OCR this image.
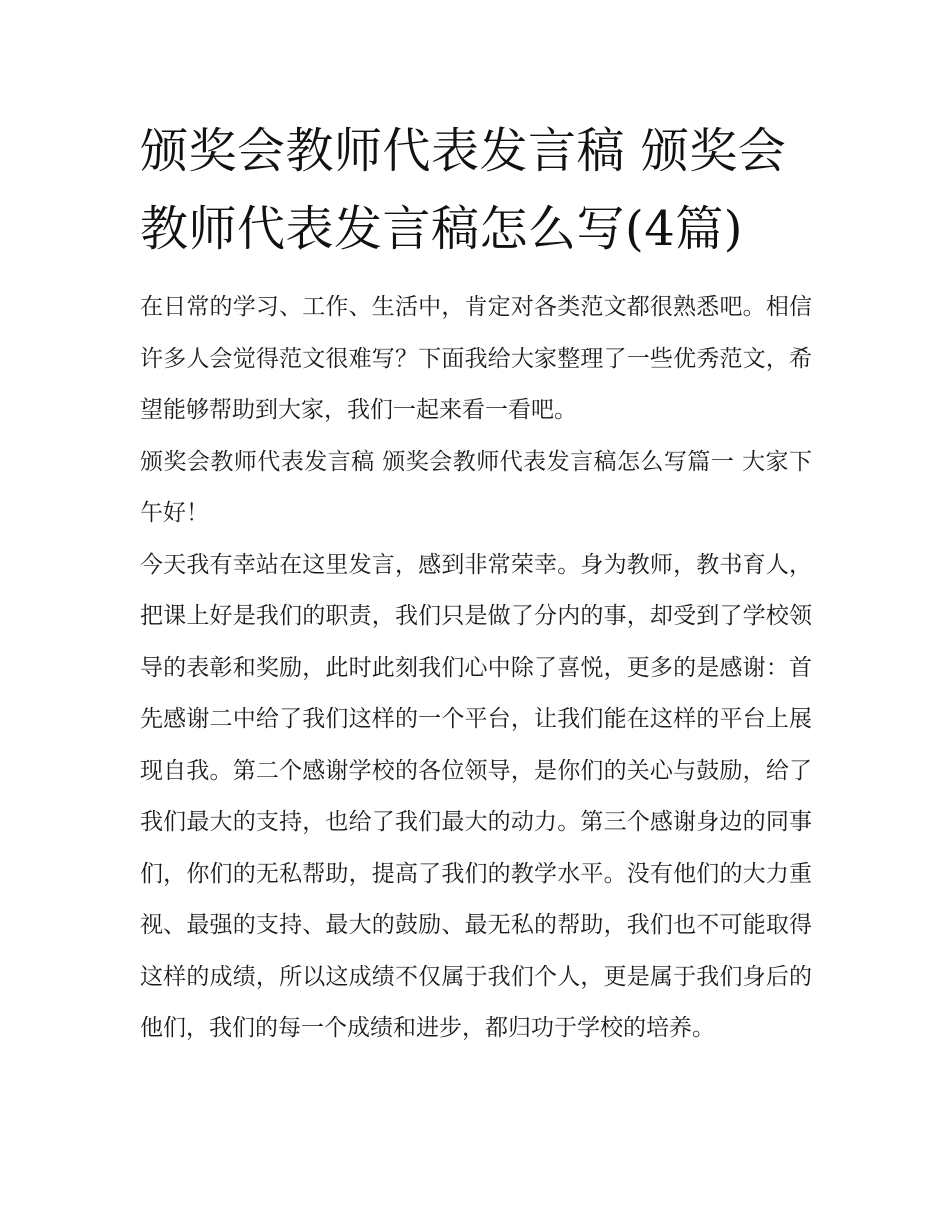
颁奖会教师代表发言稿 颁奖会教师代表发言稿怎么写(4篇)

在日常的学习、工作、生活中，肯定对各类范文都很熟悉吧。相信许多人会觉得范文很难写？下面我给大家整理了一些优秀范文，希望能够帮助到大家，我们一起来看一看吧。

颁奖会教师代表发言稿 颁奖会教师代表发言稿怎么写篇一 大家下午好！

今天我有幸站在这里发言，感到非常荣幸。身为教师，教书育人，把课上好是我们的职责，我们只是做了分内的事，却受到了学校领导的表彰和奖励，此时此刻我们心中除了喜悦，更多的是感谢：首先感谢二中给了我们这样的一个平台，让我们能在这样的平台上展现自我。第二个感谢学校的各位领导，是你们的关心与鼓励，给了我们最大的支持，也给了我们最大的动力。第三个感谢身边的同事们，你们的无私帮助，提高了我们的教学水平。没有他们的大力重视、最强的支持、最大的鼓励、最无私的帮助，我们也不可能取得这样的成绩，所以这成绩不仅属于我们个人，更是属于我们身后的他们，我们的每一个成绩和进步，都归功于学校的培养。
